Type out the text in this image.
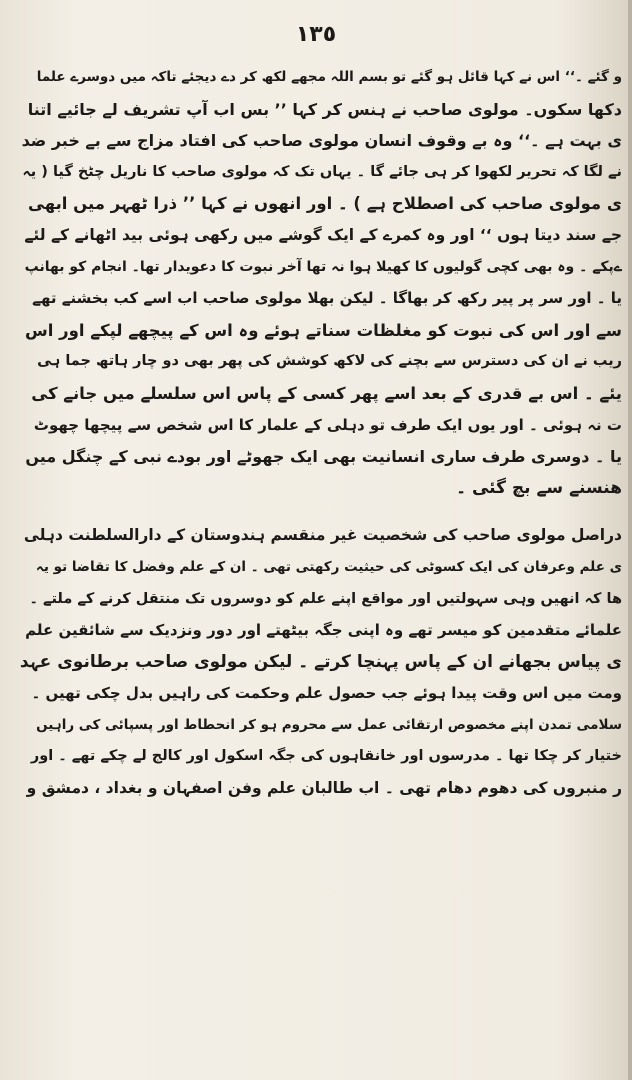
١٣٥
و گئے ۔‘‘ اس نے کہا قائل ہو گئے تو بسم اللہ مجھے لکھ کر دے دیجئے تاکہ میں دوسرے علما
دکھا سکوں۔ مولوی صاحب نے ہنس کر کہا ’’ بس اب آپ تشریف لے جائیے اتنا
ی بہت ہے ۔‘‘ وہ بے وقوف انسان مولوی صاحب کی افتاد مزاج سے بے خبر ضد
نے لگا کہ تحریر لکھوا کر ہی جائے گا ۔ یہاں تک کہ مولوی صاحب کا ناریل چٹخ گیا ( یہ
ی مولوی صاحب کی اصطلاح ہے ) ۔ اور انھوں نے کہا ’’ ذرا ٹھہر میں ابھی
جے سند دیتا ہوں ‘‘ اور وہ کمرے کے ایک گوشے میں رکھی ہوئی بید اٹھانے کے لئے
ےپکے ۔ وہ بھی کچی گولیوں کا کھیلا ہوا نہ تھا آخر نبوت کا دعویدار تھا۔ انجام کو بھانپ
یا ۔ اور سر پر پیر رکھ کر بھاگا ۔ لیکن بھلا مولوی صاحب اب اسے کب بخشنے تھے
سے اور اس کی نبوت کو مغلظات سناتے ہوئے وہ اس کے پیچھے لپکے اور اس
ریب نے ان کی دسترس سے بچنے کی لاکھ کوشش کی پھر بھی دو چار ہاتھ جما ہی
یئے ۔ اس بے قدری کے بعد اسے پھر کسی کے پاس اس سلسلے میں جانے کی
ت نہ ہوئی ۔ اور یوں ایک طرف تو دہلی کے علمار کا اس شخص سے پیچھا چھوٹ
یا ۔ دوسری طرف ساری انسانیت بھی ایک جھوٹے اور بودے نبی کے چنگل میں
ھنسنے سے بچ گئی ۔
دراصل مولوی صاحب کی شخصیت غیر منقسم ہندوستان کے دارالسلطنت دہلی
ی علم وعرفان کی ایک کسوٹی کی حیثیت رکھتی تھی ۔ ان کے علم وفضل کا تقاضا تو یہ
ھا کہ انھیں وہی سہولتیں اور مواقع اپنے علم کو دوسروں تک منتقل کرنے کے ملتے ۔
علمائے متقدمین کو میسر تھے وہ اپنی جگہ بیٹھتے اور دور ونزدیک سے شائقین علم
ی پیاس بجھانے ان کے پاس پہنچا کرتے ۔ لیکن مولوی صاحب برطانوی عہد
ومت میں اس وقت پیدا ہوئے جب حصول علم وحکمت کی راہیں بدل چکی تھیں ۔
سلامی تمدن اپنے مخصوص ارتقائی عمل سے محروم ہو کر انحطاط اور پسپائی کی راہیں
ختیار کر چکا تھا ۔ مدرسوں اور خانقاہوں کی جگہ اسکول اور کالج لے چکے تھے ۔ اور
ر منبروں کی دھوم دھام تھی ۔ اب طالبان علم وفن اصفہان و بغداد ، دمشق و
